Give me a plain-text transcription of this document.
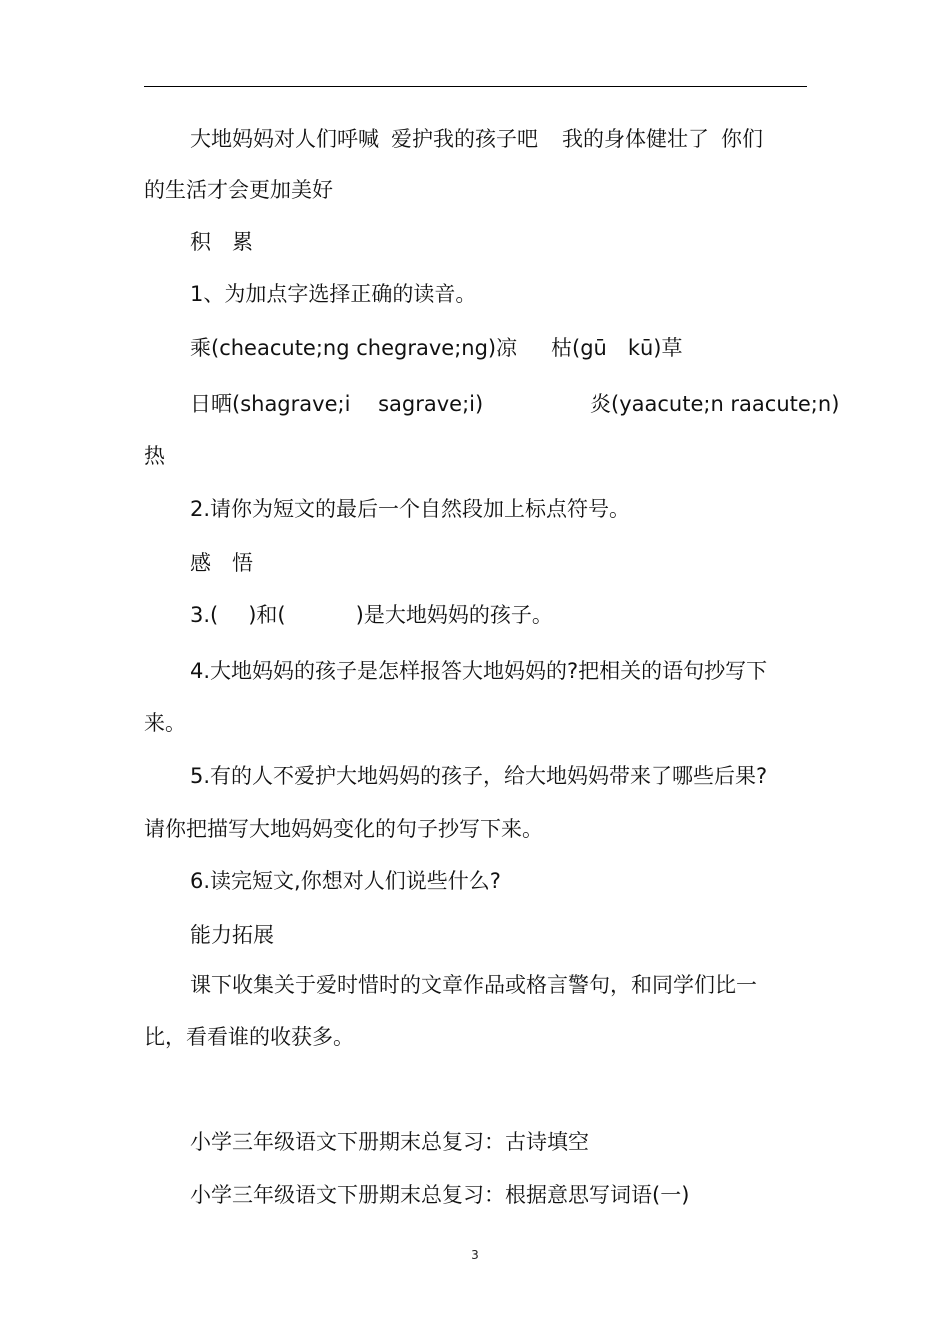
大地妈妈对人们呼喊 爱护我的孩子吧 我的身体健壮了 你们
的生活才会更加美好
积 累
1、为加点字选择正确的读音。
乘(cheacute;ng chegrave;ng)凉 枯(gū　kū)草
日晒(shagrave;i　 sagrave;i)	炎(yaacute;n raacute;n)
热
2.请你为短文的最后一个自然段加上标点符号。
感 悟
3.( )和(	)是大地妈妈的孩子。
4.大地妈妈的孩子是怎样报答大地妈妈的?把相关的语句抄写下
来。
5.有的人不爱护大地妈妈的孩子，给大地妈妈带来了哪些后果?
请你把描写大地妈妈变化的句子抄写下来。
6.读完短文,你想对人们说些什么?
能力拓展
课下收集关于爱时惜时的文章作品或格言警句，和同学们比一
比，看看谁的收获多。
小学三年级语文下册期末总复习：古诗填空
小学三年级语文下册期末总复习：根据意思写词语(一)
3
